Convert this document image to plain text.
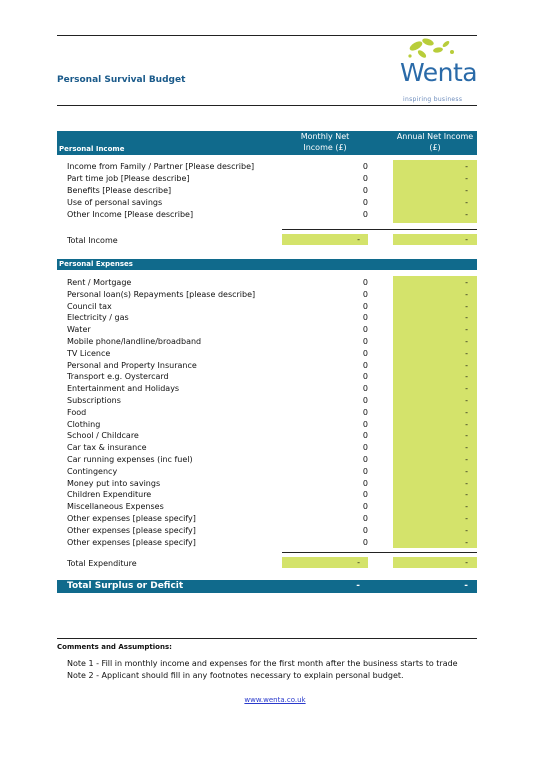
Personal Survival Budget	Wenta
inspiring business
Monthly Net Income (£)
Annual Net Income (£)
Personal Income
Income from Family / Partner [Please describe]	0	-
Part time job [Please describe]	0	-
Benefits [Please describe]	0	-
Use of personal savings	0	-
Other Income [Please describe]	0	-
Total Income	-	-
Personal Expenses
Rent / Mortgage	0	-
Personal loan(s) Repayments [please describe]	0	-
Council tax	0	-
Electricity / gas	0	-
Water	0	-
Mobile phone/landline/broadband	0	-
TV Licence	0	-
Personal and Property Insurance	0	-
Transport e.g. Oystercard	0	-
Entertainment and Holidays	0	-
Subscriptions	0	-
Food	0	-
Clothing	0	-
School / Childcare	0	-
Car tax & insurance	0	-
Car running expenses (inc fuel)	0	-
Contingency	0	-
Money put into savings	0	-
Children Expenditure	0	-
Miscellaneous Expenses	0	-
Other expenses [please specify]	0	-
Other expenses [please specify]	0	-
Other expenses [please specify]	0	-
Total Expenditure	-	-
Total Surplus or Deficit	-	-
Comments and Assumptions:
Note 1 - Fill in monthly income and expenses for the first month after the business starts to trade
Note 2 - Applicant should fill in any footnotes necessary to explain personal budget.
www.wenta.co.uk
